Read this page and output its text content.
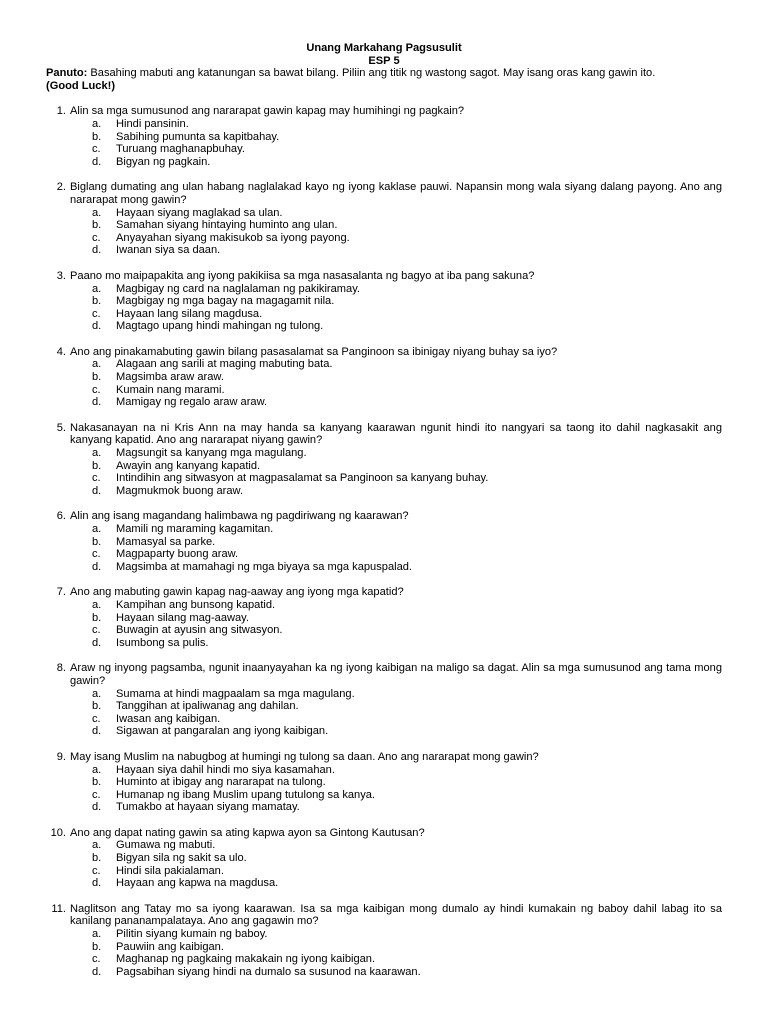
Unang Markahang Pagsusulit
ESP 5
Panuto: Basahing mabuti ang katanungan sa bawat bilang. Piliin ang titik ng wastong sagot. May isang oras kang gawin ito.
(Good Luck!)
1. Alin sa mga sumusunod ang nararapat gawin kapag may humihingi ng pagkain?
a.	Hindi pansinin.
b.	Sabihing pumunta sa kapitbahay.
c.	Turuang maghanapbuhay.
d.	Bigyan ng pagkain.
2. Biglang dumating ang ulan habang naglalakad kayo ng iyong kaklase pauwi. Napansin mong wala siyang dalang payong. Ano ang nararapat mong gawin?
a.	Hayaan siyang maglakad sa ulan.
b.	Samahan siyang hintaying huminto ang ulan.
c.	Anyayahan siyang makisukob sa iyong payong.
d.	Iwanan siya sa daan.
3. Paano mo maipapakita ang iyong pakikiisa sa mga nasasalanta ng bagyo at iba pang sakuna?
a.	Magbigay ng card na naglalaman ng pakikiramay.
b.	Magbigay ng mga bagay na magagamit nila.
c.	Hayaan lang silang magdusa.
d.	Magtago upang hindi mahingan ng tulong.
4. Ano ang pinakamabuting gawin bilang pasasalamat sa Panginoon sa ibinigay niyang buhay sa iyo?
a.	Alagaan ang sarili at maging mabuting bata.
b.	Magsimba araw araw.
c.	Kumain nang marami.
d.	Mamigay ng regalo araw araw.
5. Nakasanayan na ni Kris Ann na may handa sa kanyang kaarawan ngunit hindi ito nangyari sa taong ito dahil nagkasakit ang kanyang kapatid. Ano ang nararapat niyang gawin?
a.	Magsungit sa kanyang mga magulang.
b.	Awayin ang kanyang kapatid.
c.	Intindihin ang sitwasyon at magpasalamat sa Panginoon sa kanyang buhay.
d.	Magmukmok buong araw.
6. Alin ang isang magandang halimbawa ng pagdiriwang ng kaarawan?
a.	Mamili ng maraming kagamitan.
b.	Mamasyal sa parke.
c.	Magpaparty buong araw.
d.	Magsimba at mamahagi ng mga biyaya sa mga kapuspalad.
7. Ano ang mabuting gawin kapag nag-aaway ang iyong mga kapatid?
a.	Kampihan ang bunsong kapatid.
b.	Hayaan silang mag-aaway.
c.	Buwagin at ayusin ang sitwasyon.
d.	Isumbong sa pulis.
8. Araw ng inyong pagsamba, ngunit inaanyayahan ka ng iyong kaibigan na maligo sa dagat. Alin sa mga sumusunod ang tama mong gawin?
a.	Sumama at hindi magpaalam sa mga magulang.
b.	Tanggihan at ipaliwanag ang dahilan.
c.	Iwasan ang kaibigan.
d.	Sigawan at pangaralan ang iyong kaibigan.
9. May isang Muslim na nabugbog at humingi ng tulong sa daan. Ano ang nararapat mong gawin?
a.	Hayaan siya dahil hindi mo siya kasamahan.
b.	Huminto at ibigay ang nararapat na tulong.
c.	Humanap ng ibang Muslim upang tutulong sa kanya.
d.	Tumakbo at hayaan siyang mamatay.
10. Ano ang dapat nating gawin sa ating kapwa ayon sa Gintong Kautusan?
a.	Gumawa ng mabuti.
b.	Bigyan sila ng sakit sa ulo.
c.	Hindi sila pakialaman.
d.	Hayaan ang kapwa na magdusa.
11. Naglitson ang Tatay mo sa iyong kaarawan. Isa sa mga kaibigan mong dumalo ay hindi kumakain ng baboy dahil labag ito sa kanilang pananampalataya. Ano ang gagawin mo?
a.	Pilitin siyang kumain ng baboy.
b.	Pauwiin ang kaibigan.
c.	Maghanap ng pagkaing makakain ng iyong kaibigan.
d.	Pagsabihan siyang hindi na dumalo sa susunod na kaarawan.
